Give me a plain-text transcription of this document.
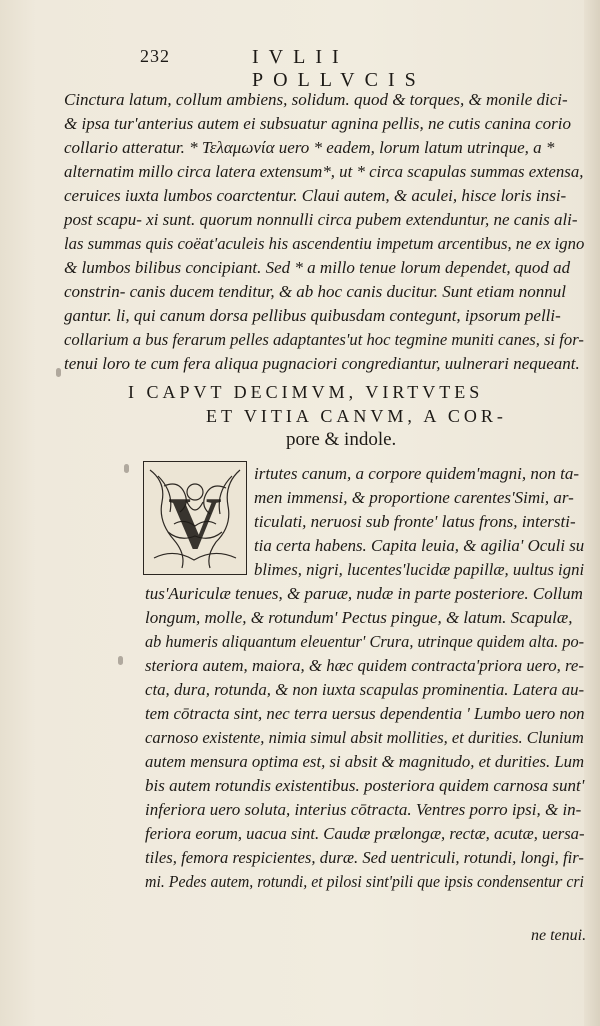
232	IVLII POLLVCIS
Cinctura latum, collum ambiens, solidum. quod & torques, & monile dici-
& ipsa tur'anterius autem ei subsuatur agnina pellis, ne cutis canina corio
collario atteratur. * Τελαμωνία uero * eadem, lorum latum utrinque, a *
alternatim millo circa latera extensum*, ut * circa scapulas summas extensa,
ceruices iuxta lumbos coarctentur. Claui autem, & aculei, hisce loris insi-
post scapu- xi sunt. quorum nonnulli circa pubem extenduntur, ne canis ali-
las summas quis coëat'aculeis his ascendentiu impetum arcentibus, ne ex igno
& lumbos bilibus concipiant. Sed * a millo tenue lorum dependet, quod ad
constrin- canis ducem tenditur, & ab hoc canis ducitur. Sunt etiam nonnul
gantur. li, qui canum dorsa pellibus quibusdam contegunt, ipsorum pelli-
collarium a bus ferarum pelles adaptantes'ut hoc tegmine muniti canes, si for-
tenui loro te cum fera aliqua pugnaciori congrediantur, uulnerari nequeant.
I CAPVT DECIMVM, VIRTVTES
ET VITIA CANVM, A COR-
pore & indole.
V
irtutes canum, a corpore quidem'magni, non ta-
men immensi, & proportione carentes'Simi, ar-
ticulati, neruosi sub fronte' latus frons, intersti-
tia certa habens. Capita leuia, & agilia' Oculi su
blimes, nigri, lucentes'lucidæ papillæ, uultus igni
tus'Auriculæ tenues, & paruæ, nudæ in parte posteriore. Collum
longum, molle, & rotundum' Pectus pingue, & latum. Scapulæ,
ab humeris aliquantum eleuentur' Crura, utrinque quidem alta. po-
steriora autem, maiora, & hæc quidem contracta'priora uero, re-
cta, dura, rotunda, & non iuxta scapulas prominentia. Latera au-
tem cōtracta sint, nec terra uersus dependentia ' Lumbo uero non
carnoso existente, nimia simul absit mollities, et durities. Clunium
autem mensura optima est, si absit & magnitudo, et durities. Lum
bis autem rotundis existentibus. posteriora quidem carnosa sunt'
inferiora uero soluta, interius cōtracta. Ventres porro ipsi, & in-
feriora eorum, uacua sint. Caudæ prælongæ, rectæ, acutæ, uersa-
tiles, femora respicientes, duræ. Sed uentriculi, rotundi, longi, fir-
mi. Pedes autem, rotundi, et pilosi sint'pili que ipsis condensentur cri
ne tenui.
